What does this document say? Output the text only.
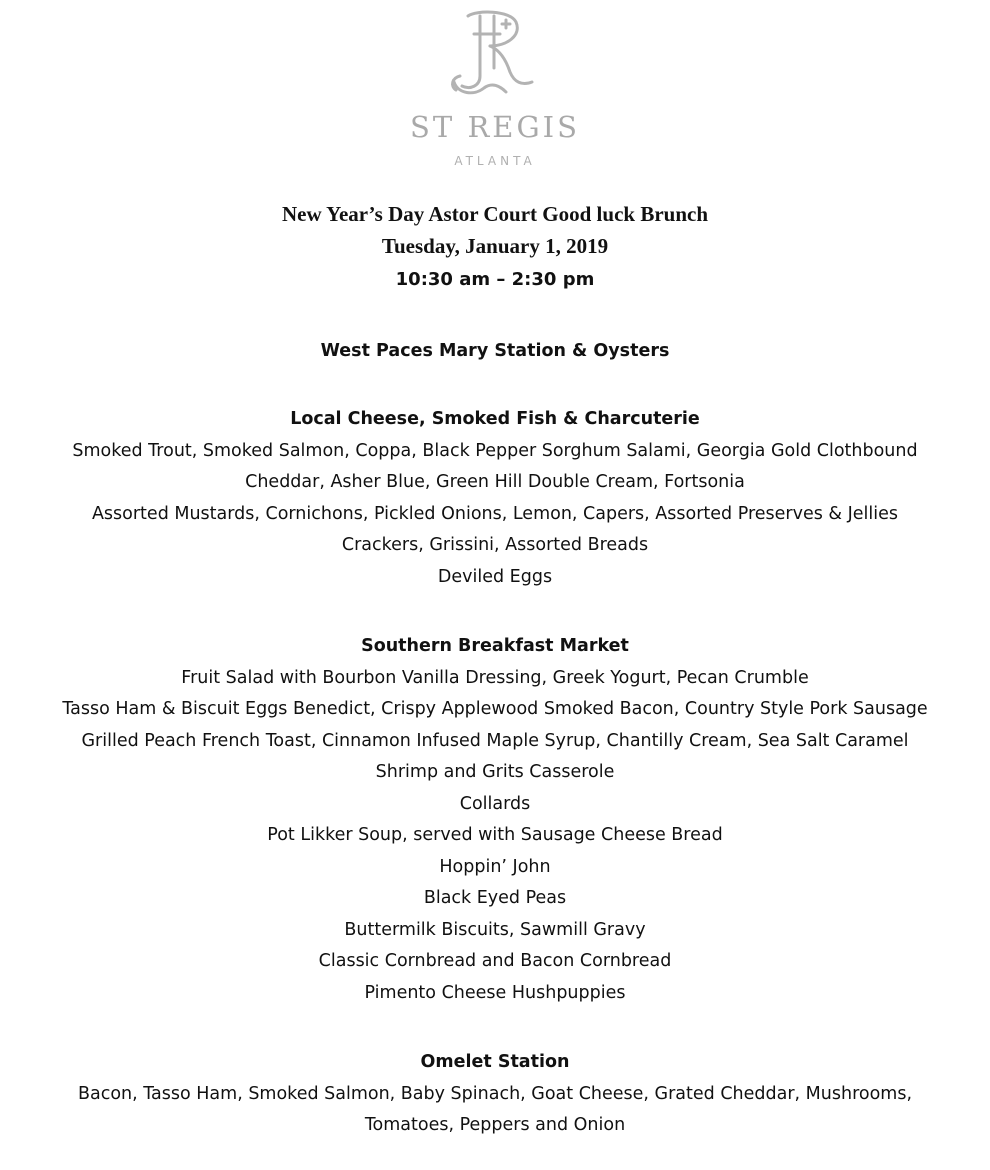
ST REGIS
ATLANTA
New Year’s Day Astor Court Good luck Brunch
Tuesday, January 1, 2019
10:30 am – 2:30 pm
West Paces Mary Station & Oysters
Local Cheese, Smoked Fish & Charcuterie
Smoked Trout, Smoked Salmon, Coppa, Black Pepper Sorghum Salami, Georgia Gold Clothbound
Cheddar, Asher Blue, Green Hill Double Cream, Fortsonia
Assorted Mustards, Cornichons, Pickled Onions, Lemon, Capers, Assorted Preserves & Jellies
Crackers, Grissini, Assorted Breads
Deviled Eggs
Southern Breakfast Market
Fruit Salad with Bourbon Vanilla Dressing, Greek Yogurt, Pecan Crumble
Tasso Ham & Biscuit Eggs Benedict, Crispy Applewood Smoked Bacon, Country Style Pork Sausage
Grilled Peach French Toast, Cinnamon Infused Maple Syrup, Chantilly Cream, Sea Salt Caramel
Shrimp and Grits Casserole
Collards
Pot Likker Soup, served with Sausage Cheese Bread
Hoppin’ John
Black Eyed Peas
Buttermilk Biscuits, Sawmill Gravy
Classic Cornbread and Bacon Cornbread
Pimento Cheese Hushpuppies
Omelet Station
Bacon, Tasso Ham, Smoked Salmon, Baby Spinach, Goat Cheese, Grated Cheddar, Mushrooms,
Tomatoes, Peppers and Onion
